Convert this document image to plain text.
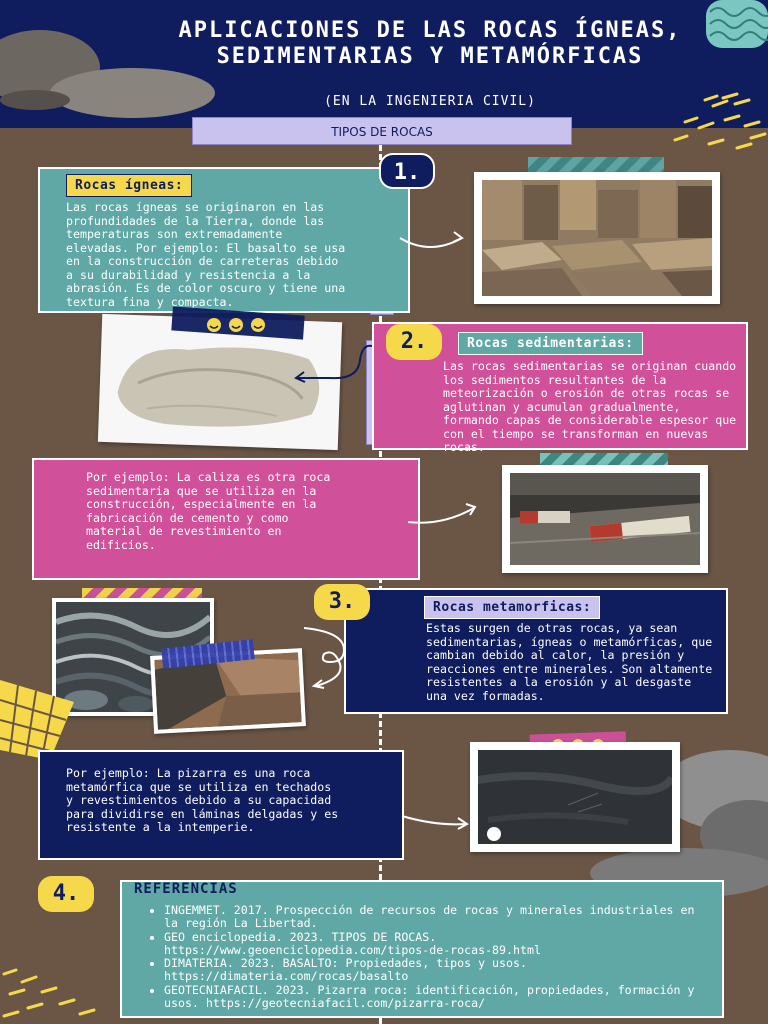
APLICACIONES DE LAS ROCAS ÍGNEAS, SEDIMENTARIAS Y METAMÓRFICAS
(EN LA INGENIERIA CIVIL)
TIPOS DE ROCAS
Rocas ígneas:
Las rocas ígneas se originaron en las profundidades de la Tierra, donde las temperaturas son extremadamente elevadas. Por ejemplo: El basalto se usa en la construcción de carreteras debido a su durabilidad y resistencia a la abrasión. Es de color oscuro y tiene una textura fina y compacta.
1.
2.	Rocas sedimentarias:
Las rocas sedimentarias se originan cuando los sedimentos resultantes de la meteorización o erosión de otras rocas se aglutinan y acumulan gradualmente, formando capas de considerable espesor que con el tiempo se transforman en nuevas rocas.
Por ejemplo: La caliza es otra roca sedimentaria que se utiliza en la construcción, especialmente en la fabricación de cemento y como material de revestimiento en edificios.
3.	Rocas metamorficas:
Estas surgen de otras rocas, ya sean sedimentarias, ígneas o metamórficas, que cambian debido al calor, la presión y reacciones entre minerales. Son altamente resistentes a la erosión y al desgaste una vez formadas.
Por ejemplo: La pizarra es una roca metamórfica que se utiliza en techados y revestimientos debido a su capacidad para dividirse en láminas delgadas y es resistente a la intemperie.
4.	REFERENCIAS
• INGEMMET. 2017. Prospección de recursos de rocas y minerales industriales en la región La Libertad.
• GEO enciclopedia. 2023. TIPOS DE ROCAS. https://www.geoenciclopedia.com/tipos-de-rocas-89.html
• DIMATERIA. 2023. BASALTO: Propiedades, tipos y usos. https://dimateria.com/rocas/basalto
• GEOTECNIAFACIL. 2023. Pizarra roca: identificación, propiedades, formación y usos. https://geotecniafacil.com/pizarra-roca/
